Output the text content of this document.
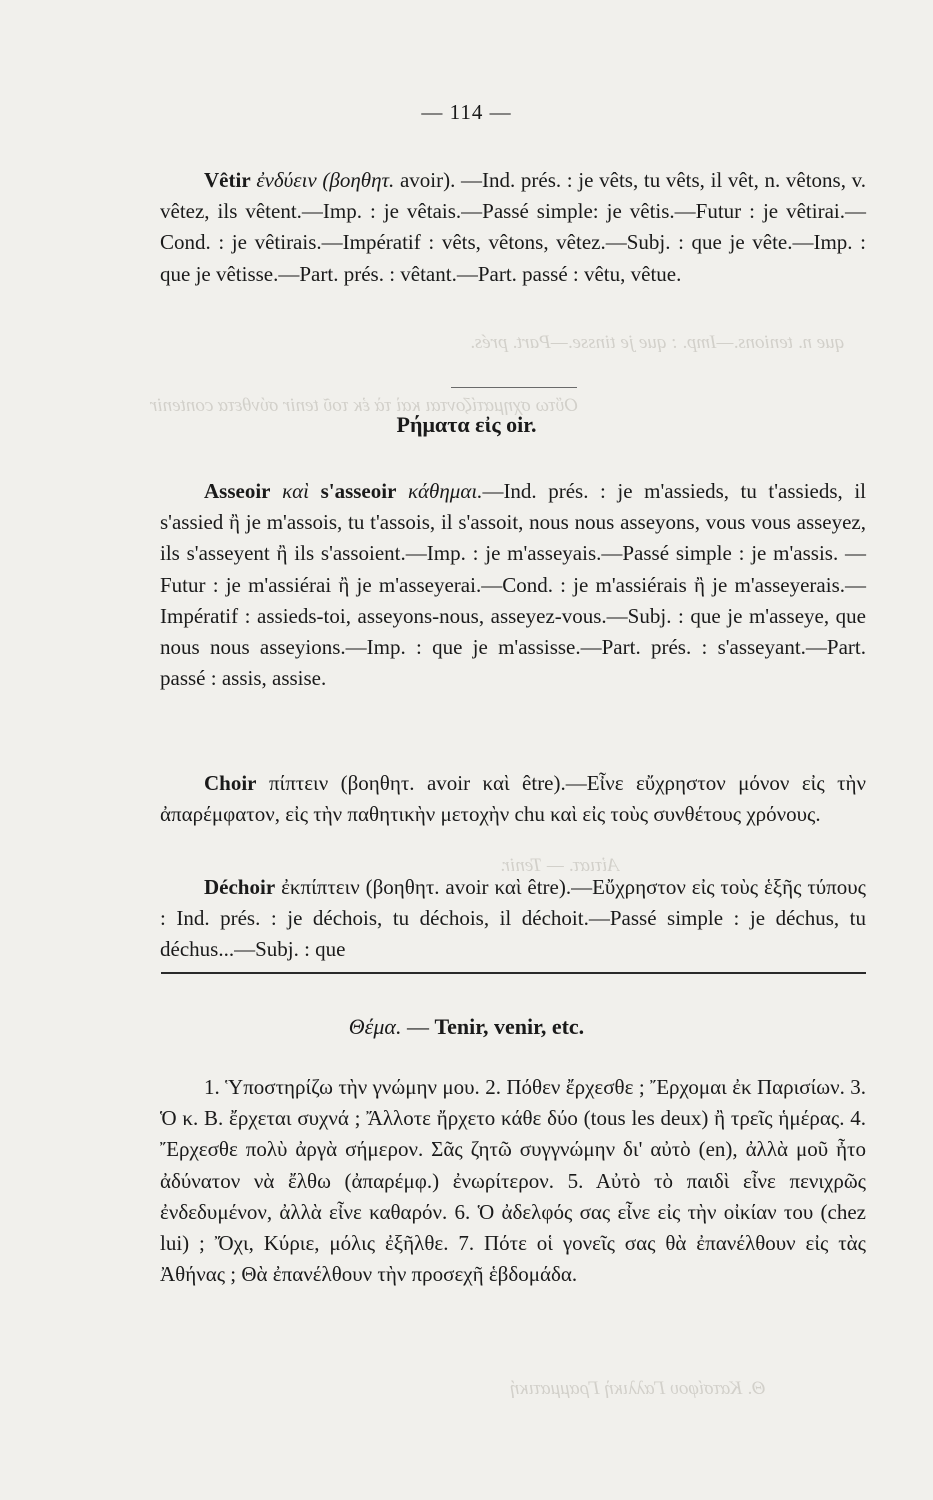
que n. tenions.—Imp. : que je tinsse.—Part. prés.
Οὕτω σχηματίζονται καὶ τὰ ἐκ τοῦ tenir σύνθετα contenir
Αἰτιατ. — Tenir.
Θ. Κατσίφου Γαλλικὴ Γραμματική
— 114 —

Vêtir ἐνδύειν (βοηθητ. avoir). —Ind. prés. : je vêts, tu vêts, il vêt, n. vêtons, v. vêtez, ils vêtent.—Imp. : je vêtais.—Passé simple: je vêtis.—Futur : je vêtirai.—Cond. : je vêtirais.—Impératif : vêts, vêtons, vêtez.—Subj. : que je vête.—Imp. : que je vêtisse.—Part. prés. : vêtant.—Part. passé : vêtu, vêtue.

Ρήματα εἰς oir.

Asseoir καὶ s'asseoir κάθημαι.—Ind. prés. : je m'assieds, tu t'assieds, il s'assied ἢ je m'assois, tu t'assois, il s'assoit, nous nous asseyons, vous vous asseyez, ils s'asseyent ἢ ils s'assoient.—Imp. : je m'asseyais.—Passé simple : je m'assis. —Futur : je m'assiérai ἢ je m'asseyerai.—Cond. : je m'assiérais ἢ je m'asseyerais.—Impératif : assieds-toi, asseyons-nous, asseyez-vous.—Subj. : que je m'asseye, que nous nous asseyions.—Imp. : que je m'assisse.—Part. prés. : s'asseyant.—Part. passé : assis, assise.

Choir πίπτειν (βοηθητ. avoir καὶ être).—Εἶνε εὔχρηστον μόνον εἰς τὴν ἀπαρέμφατον, εἰς τὴν παθητικὴν μετοχὴν chu καὶ εἰς τοὺς συνθέτους χρόνους.

Déchoir ἐκπίπτειν (βοηθητ. avoir καὶ être).—Εὔχρηστον εἰς τοὺς ἑξῆς τύπους : Ind. prés. : je déchois, tu déchois, il déchoit.—Passé simple : je déchus, tu déchus...—Subj. : que

Θέμα. — Tenir, venir, etc.

1. Ὑποστηρίζω τὴν γνώμην μου. 2. Πόθεν ἔρχεσθε ; Ἔρχομαι ἐκ Παρισίων. 3. Ὁ κ. Β. ἔρχεται συχνά ; Ἄλλοτε ἤρχετο κάθε δύο (tous les deux) ἢ τρεῖς ἡμέρας. 4. Ἔρχεσθε πολὺ ἀργὰ σήμερον. Σᾶς ζητῶ συγγνώμην δι' αὐτὸ (en), ἀλλὰ μοῦ ἦτο ἀδύνατον νὰ ἔλθω (ἀπαρέμφ.) ἐνωρίτερον. 5. Αὐτὸ τὸ παιδὶ εἶνε πενιχρῶς ἐνδεδυμένον, ἀλλὰ εἶνε καθαρόν. 6. Ὁ ἀδελφός σας εἶνε εἰς τὴν οἰκίαν του (chez lui) ; Ὄχι, Κύριε, μόλις ἐξῆλθε. 7. Πότε οἱ γονεῖς σας θὰ ἐπανέλθουν εἰς τὰς Ἀθήνας ; Θὰ ἐπανέλθουν τὴν προσεχῆ ἑβδομάδα.
